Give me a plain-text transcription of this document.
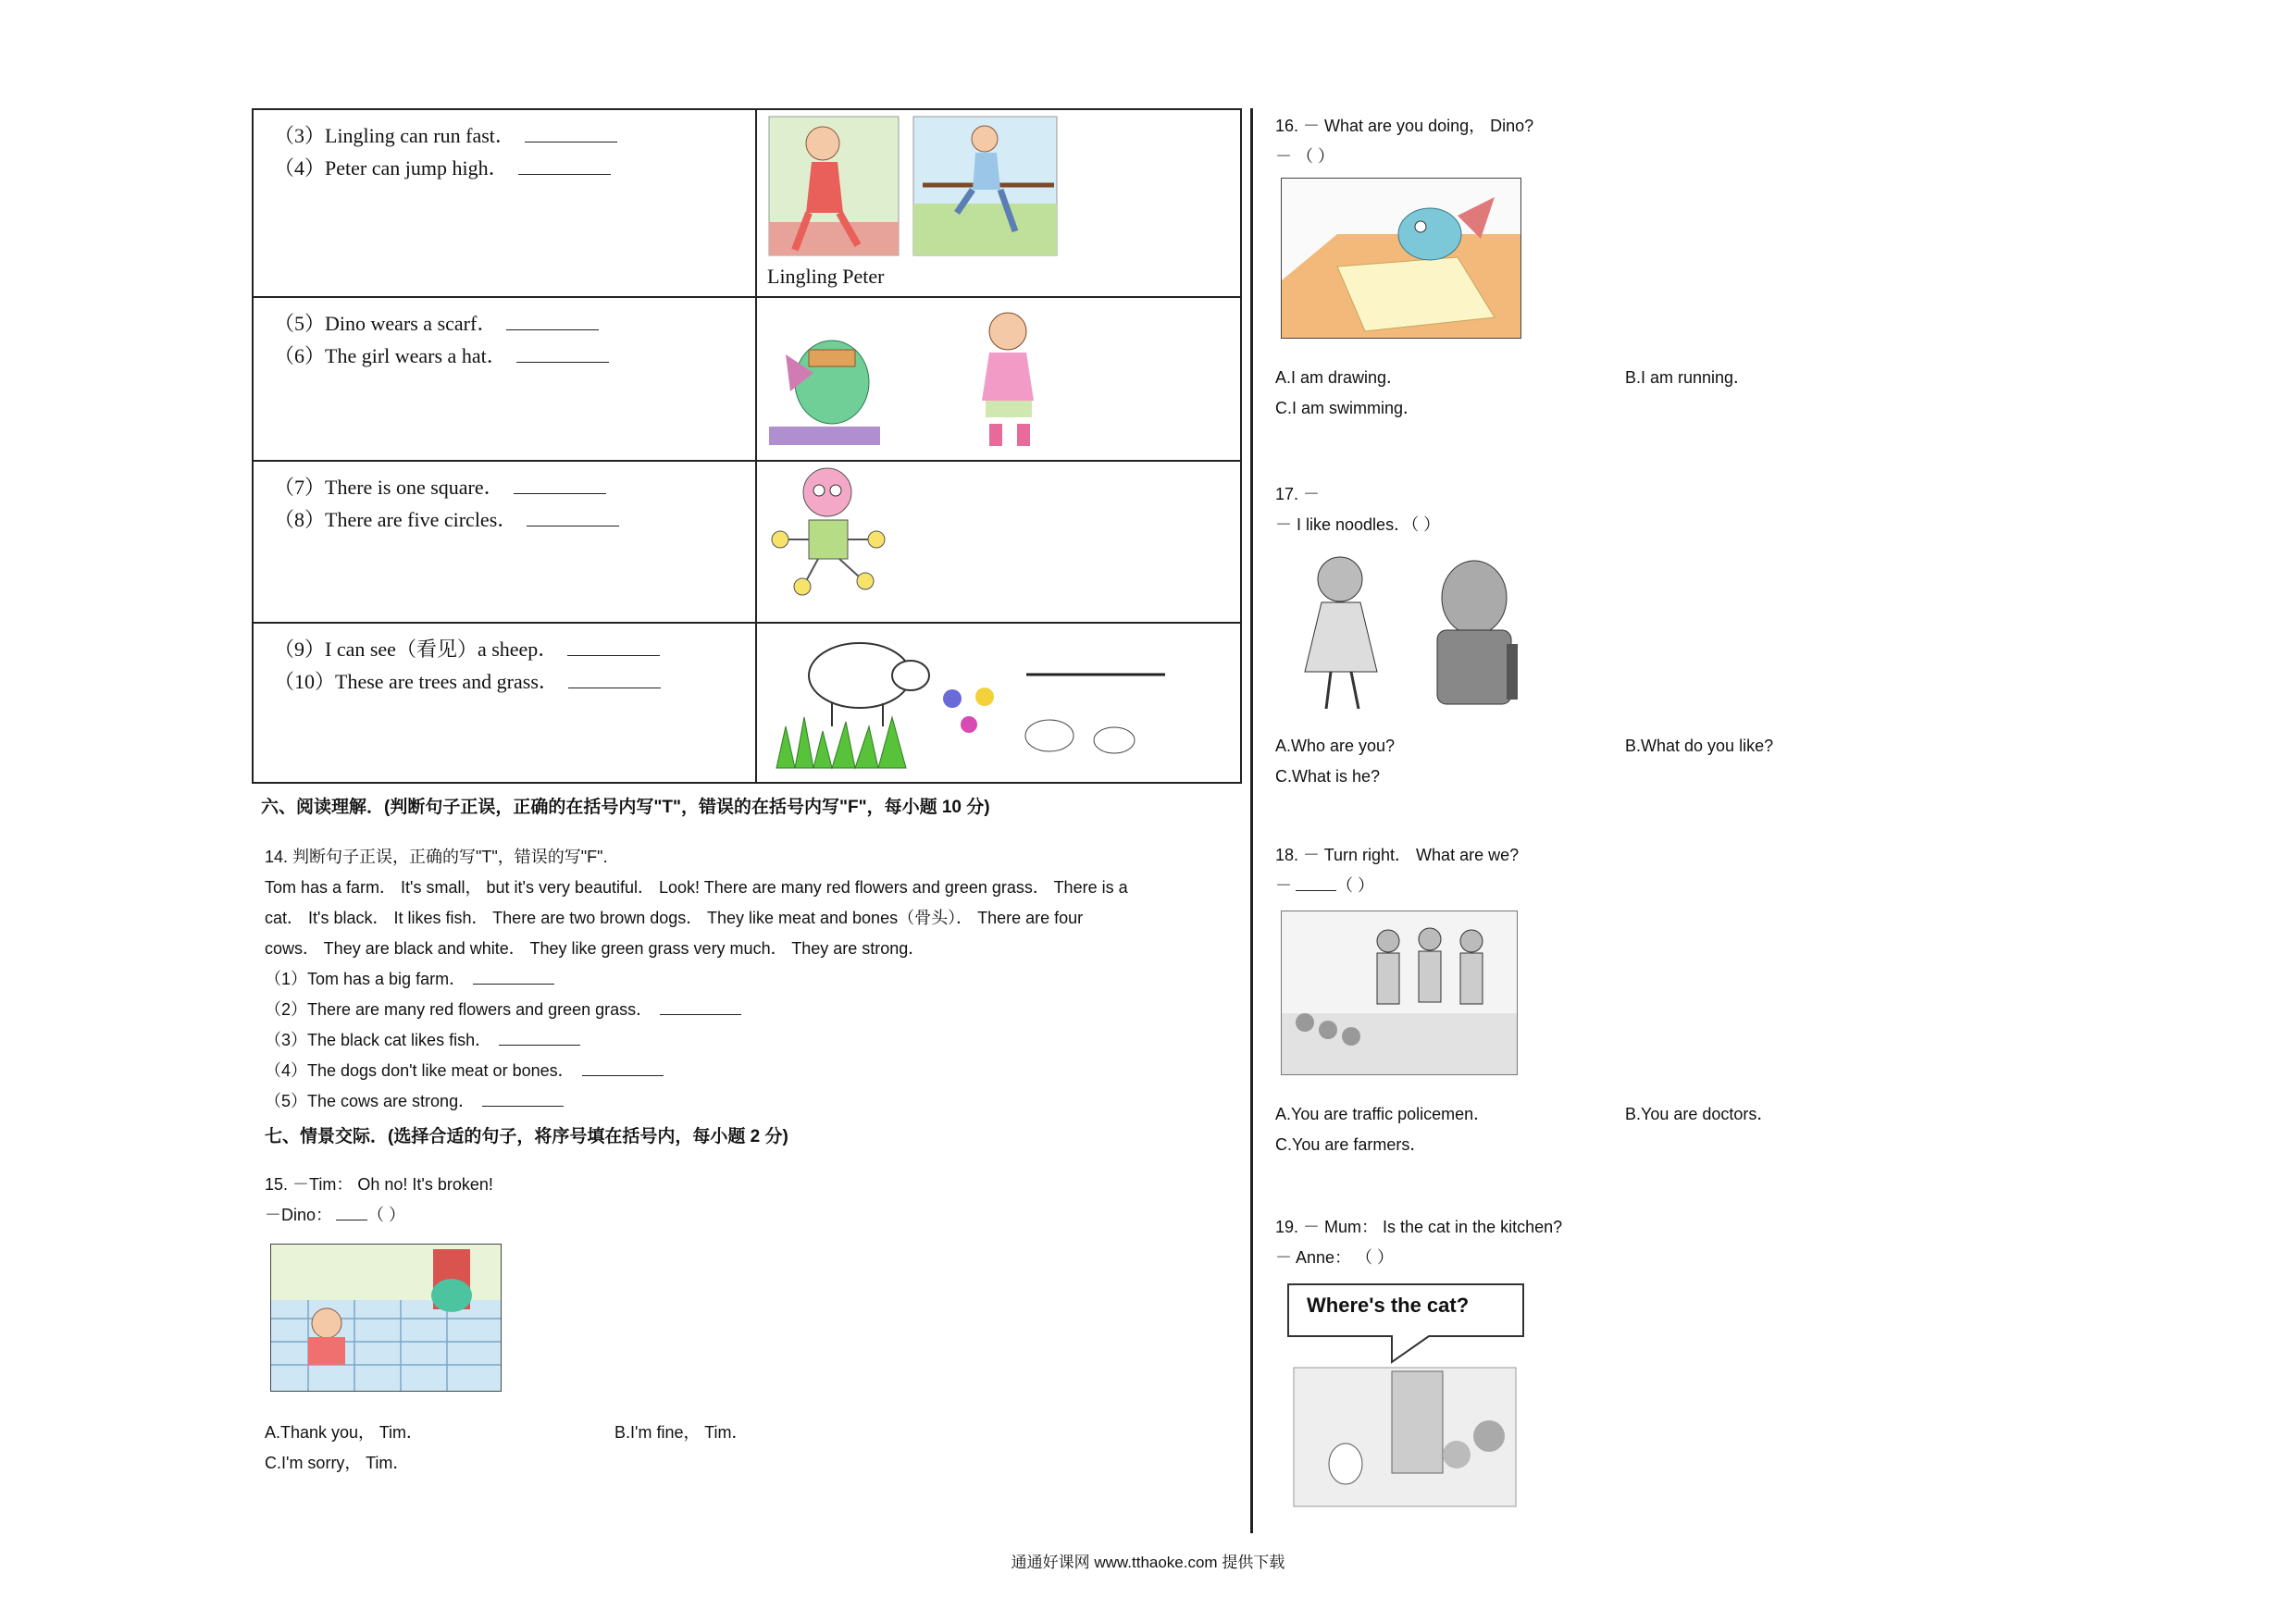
（3）Lingling can run fast．
（4）Peter can jump high．	Lingling Peter

（5）Dino wears a scarf．
（6）The girl wears a hat．

（7）There is one square．
（8）There are five circles．

（9）I can see（看见）a sheep．
（10）These are trees and grass．

六、阅读理解．(判断句子正误，正确的在括号内写"T"，错误的在括号内写"F"，每小题 10 分)
14. 判断句子正误，正确的写"T"，错误的写"F".
Tom has a farm． It's small， but it's very beautiful． Look! There are many red flowers and green grass． There is a
cat． It's black． It likes fish． There are two brown dogs． They like meat and bones（骨头）． There are four
cows． They are black and white． They like green grass very much． They are strong．
（1）Tom has a big farm．
（2）There are many red flowers and green grass．
（3）The black cat likes fish．
（4）The dogs don't like meat or bones．
（5）The cows are strong．
七、情景交际．(选择合适的句子，将序号填在括号内，每小题 2 分)
15. －Tim： Oh no! It's broken!
－Dino： （ ）
A.Thank you， Tim．	B.I'm fine， Tim．
C.I'm sorry， Tim．
16. － What are you doing， Dino?
－ （ ）
A.I am drawing．	B.I am running．
C.I am swimming．
17. －
－ I like noodles．（ ）
A.Who are you?	B.What do you like?
C.What is he?
18. － Turn right． What are we?
－	（ ）
A.You are traffic policemen．	B.You are doctors．
C.You are farmers．
19. － Mum： Is the cat in the kitchen?
－ Anne： （ ）
Where's the cat?
通通好课网 www.tthaoke.com 提供下载
